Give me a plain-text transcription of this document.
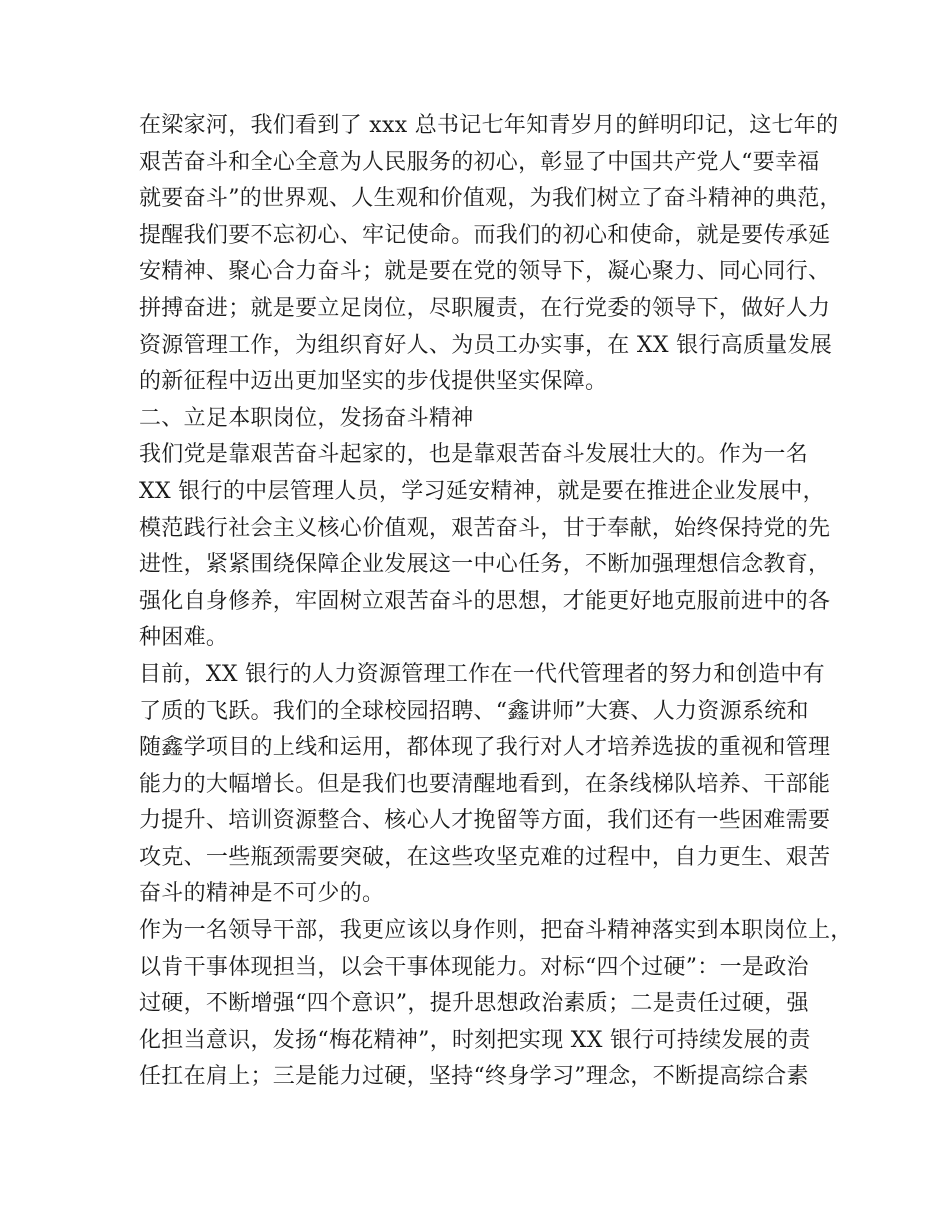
在梁家河，我们看到了 xxx 总书记七年知青岁月的鲜明印记，这七年的
艰苦奋斗和全心全意为人民服务的初心，彰显了中国共产党人“要幸福
就要奋斗”的世界观、人生观和价值观，为我们树立了奋斗精神的典范，
提醒我们要不忘初心、牢记使命。而我们的初心和使命，就是要传承延
安精神、聚心合力奋斗；就是要在党的领导下，凝心聚力、同心同行、
拼搏奋进；就是要立足岗位，尽职履责，在行党委的领导下，做好人力
资源管理工作，为组织育好人、为员工办实事，在 XX 银行高质量发展
的新征程中迈出更加坚实的步伐提供坚实保障。
二、立足本职岗位，发扬奋斗精神
我们党是靠艰苦奋斗起家的，也是靠艰苦奋斗发展壮大的。作为一名
XX 银行的中层管理人员，学习延安精神，就是要在推进企业发展中，
模范践行社会主义核心价值观，艰苦奋斗，甘于奉献，始终保持党的先
进性，紧紧围绕保障企业发展这一中心任务，不断加强理想信念教育，
强化自身修养，牢固树立艰苦奋斗的思想，才能更好地克服前进中的各
种困难。
目前，XX 银行的人力资源管理工作在一代代管理者的努力和创造中有
了质的飞跃。我们的全球校园招聘、“鑫讲师”大赛、人力资源系统和
随鑫学项目的上线和运用，都体现了我行对人才培养选拔的重视和管理
能力的大幅增长。但是我们也要清醒地看到，在条线梯队培养、干部能
力提升、培训资源整合、核心人才挽留等方面，我们还有一些困难需要
攻克、一些瓶颈需要突破，在这些攻坚克难的过程中，自力更生、艰苦
奋斗的精神是不可少的。
作为一名领导干部，我更应该以身作则，把奋斗精神落实到本职岗位上，
以肯干事体现担当，以会干事体现能力。对标“四个过硬”：一是政治
过硬，不断增强“四个意识”，提升思想政治素质；二是责任过硬，强
化担当意识，发扬“梅花精神”，时刻把实现 XX 银行可持续发展的责
任扛在肩上；三是能力过硬，坚持“终身学习”理念，不断提高综合素
